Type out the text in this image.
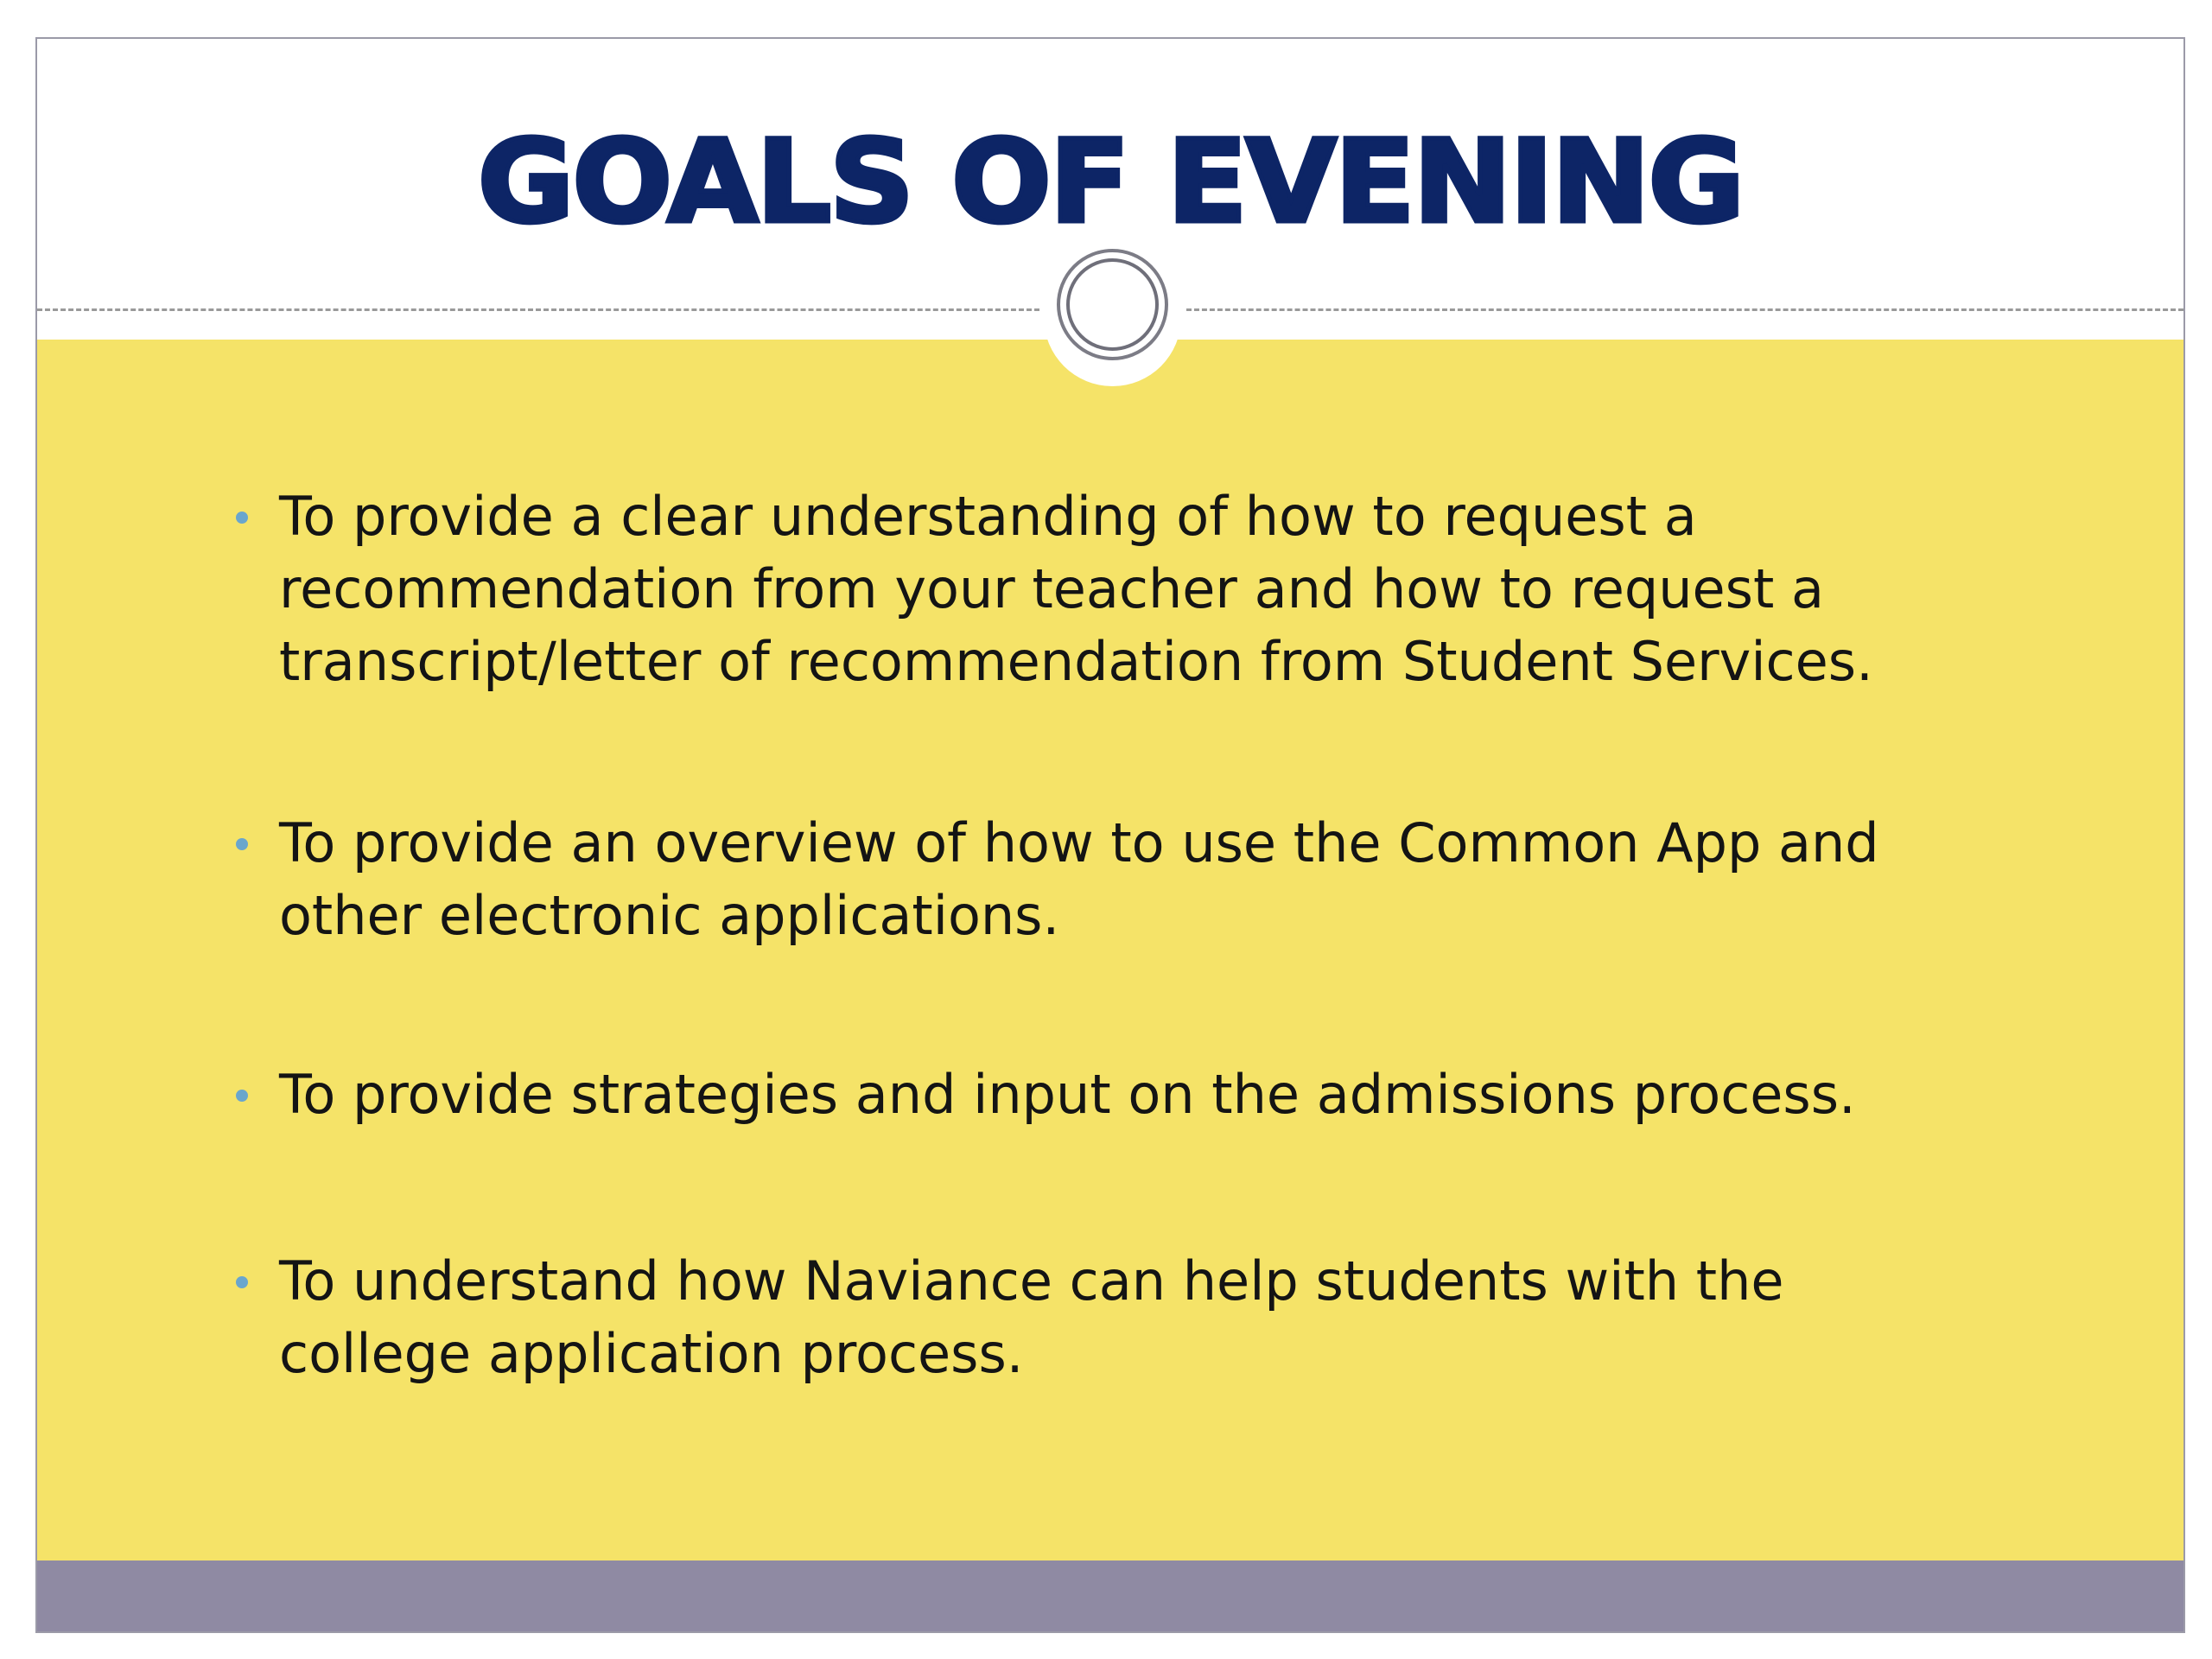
GOALS OF EVENING
To provide a clear understanding of how to request a
recommendation from your teacher and how to request a
transcript/letter of recommendation from Student Services.
To provide an overview of how to use the Common App and
other electronic applications.
To provide strategies and input on the admissions process.
To understand how Naviance can help students with the
college application process.
